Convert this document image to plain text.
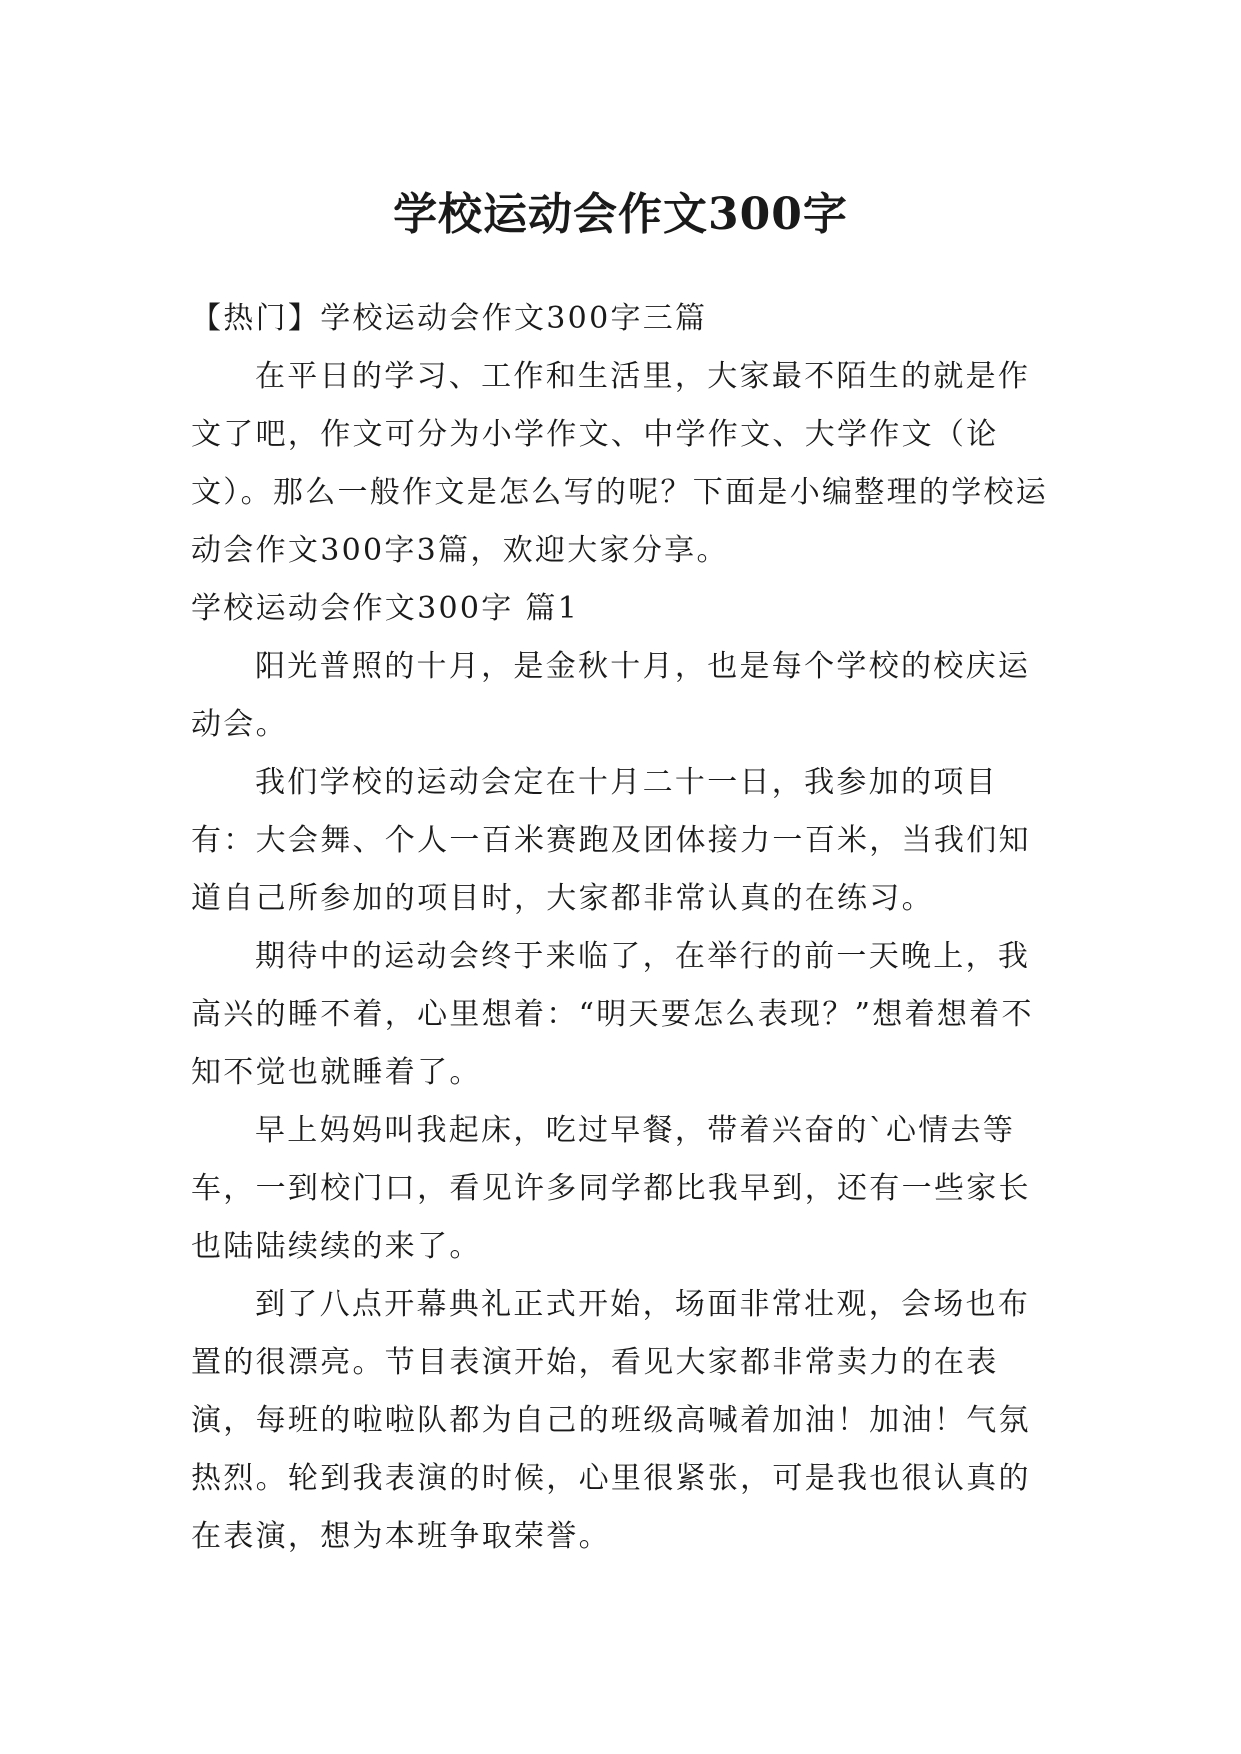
学校运动会作文300字

【热门】学校运动会作文300字三篇

在平日的学习、工作和生活里，大家最不陌生的就是作文了吧，作文可分为小学作文、中学作文、大学作文（论文）。那么一般作文是怎么写的呢？下面是小编整理的学校运动会作文300字3篇，欢迎大家分享。

学校运动会作文300字 篇1

阳光普照的十月，是金秋十月，也是每个学校的校庆运动会。

我们学校的运动会定在十月二十一日，我参加的项目有：大会舞、个人一百米赛跑及团体接力一百米，当我们知道自己所参加的项目时，大家都非常认真的在练习。

期待中的运动会终于来临了，在举行的前一天晚上，我高兴的睡不着，心里想着：“明天要怎么表现？”想着想着不知不觉也就睡着了。

早上妈妈叫我起床，吃过早餐，带着兴奋的`心情去等车，一到校门口，看见许多同学都比我早到，还有一些家长也陆陆续续的来了。

到了八点开幕典礼正式开始，场面非常壮观，会场也布置的很漂亮。节目表演开始，看见大家都非常卖力的在表演，每班的啦啦队都为自己的班级高喊着加油！加油！气氛热烈。轮到我表演的时候，心里很紧张，可是我也很认真的在表演，想为本班争取荣誉。
